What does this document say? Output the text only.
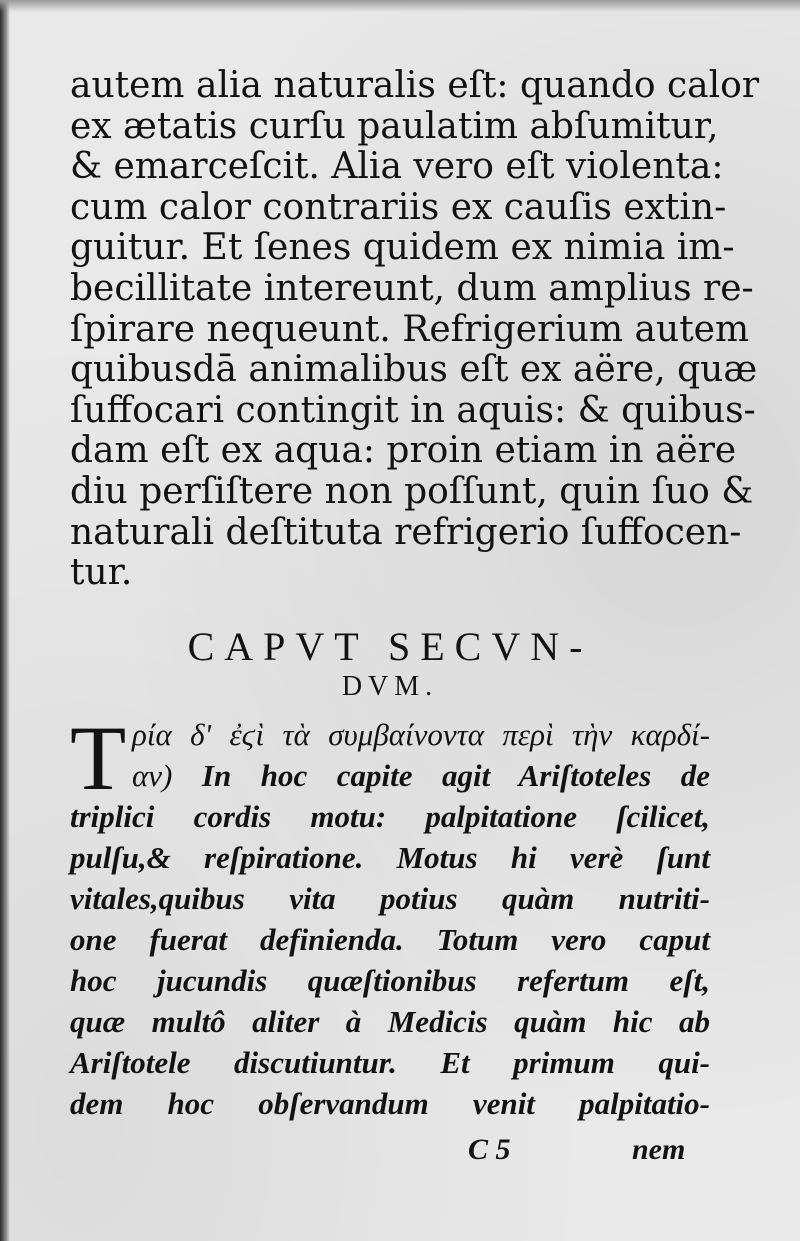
autem alia naturalis eſt: quando calor
ex ætatis curſu paulatim abſumitur,
& emarceſcit. Alia vero eſt violenta:
cum calor contrariis ex cauſis extin-
guitur. Et ſenes quidem ex nimia im-
becillitate intereunt, dum amplius re-
ſpirare nequeunt. Refrigerium autem
quibusdā animalibus eſt ex aëre, quæ
ſuffocari contingit in aquis: & quibus-
dam eſt ex aqua: proin etiam in aëre
diu perſiſtere non poſſunt, quin ſuo &
naturali deſtituta refrigerio ſuffocen-
tur.
CAPVT SECVN-
DVM.
T ρία δ' ἐϛὶ τὰ συμβαίνοντα περὶ τὴν καρδί-
αν) In hoc capite agit Ariſtoteles de
triplici cordis motu: palpitatione ſcilicet,
pulſu,& reſpiratione. Motus hi verè ſunt
vitales,quibus vita potius quàm nutriti-
one fuerat definienda. Totum vero caput
hoc jucundis quæſtionibus refertum eſt,
quæ multô aliter à Medicis quàm hic ab
Ariſtotele discutiuntur. Et primum qui-
dem hoc obſervandum venit palpitatio-
C 5	nem
